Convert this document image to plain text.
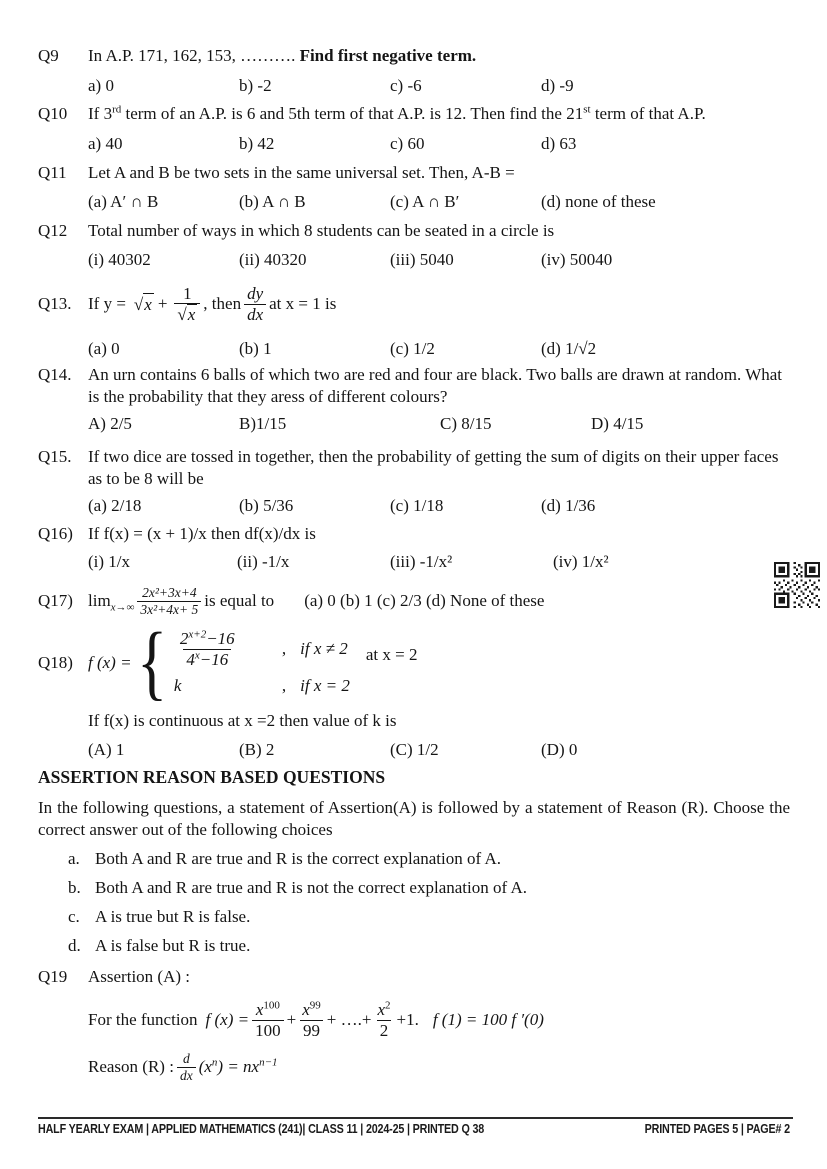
Q9	In A.P. 171, 162, 153, ………. Find first negative term.
a) 0	b) -2	c) -6	d) -9
Q10	If 3rd term of an A.P. is 6 and 5th term of that A.P. is 12. Then find the 21st term of that A.P.
a) 40	b) 42	c) 60	d) 63
Q11	Let A and B be two sets in the same universal set. Then, A-B =
(a) A′ ∩ B	(b) A ∩ B	(c) A ∩ B′	(d) none of these
Q12	Total number of ways in which 8 students can be seated in a circle is
(i) 40302	(ii) 40320	(iii) 5040	(iv) 50040
Q13. If $y = √x + \frac{1}{√x}$ , then $\frac{dy}{dx}$ at x = 1 is
(a) 0	(b) 1	(c) 1/2	(d) 1/√2
Q14. An urn contains 6 balls of which two are red and four are black. Two balls are drawn at random. What is the probability that they aress of different colours?
A) 2/5	B)1/15	C) 8/15	D) 4/15
Q15. If two dice are tossed in together, then the probability of getting the sum of digits on their upper faces as to be 8 will be
(a) 2/18	(b) 5/36	(c) 1/18	(d) 1/36
Q16) If f(x) = (x + 1)/x then df(x)/dx is
(i) 1/x	(ii) -1/x	(iii) -1/x²	(iv) 1/x²
Q17) $\lim_{x\to\infty} \frac{\text{2x²+3x+4}}{\text{3x²+4x+ 5}}$ is equal to (a) 0 (b) 1 (c) 2/3 (d) None of these
Q18) f (x) = { $\frac{2^{x+2}-16}{4^x-16}$	, if x ≠ 2
k	, if x = 2
at x = 2
If f(x) is continuous at x =2 then value of k is
(A) 1	(B) 2	(C) 1/2	(D) 0
ASSERTION REASON BASED QUESTIONS
In the following questions, a statement of Assertion(A) is followed by a statement of Reason (R). Choose the correct answer out of the following choices
a. Both A and R are true and R is the correct explanation of A.
b. Both A and R are true and R is not the correct explanation of A.
c. A is true but R is false.
d. A is false but R is true.
Q19	Assertion (A) :
For the function f $(x) = \frac{x^{100}}{100} + \frac{x^{99}}{99}$ + ….+ $\frac{x^2}{2} +1$. f (1) = 100 f ′(0)
Reason (R) : $\frac{d}{dx} (x^n) = nx^{n-1}$
HALF YEARLY EXAM | APPLIED MATHEMATICS (241)| CLASS 11 | 2024-25 | PRINTED Q 38	PRINTED PAGES 5 | PAGE# 2
